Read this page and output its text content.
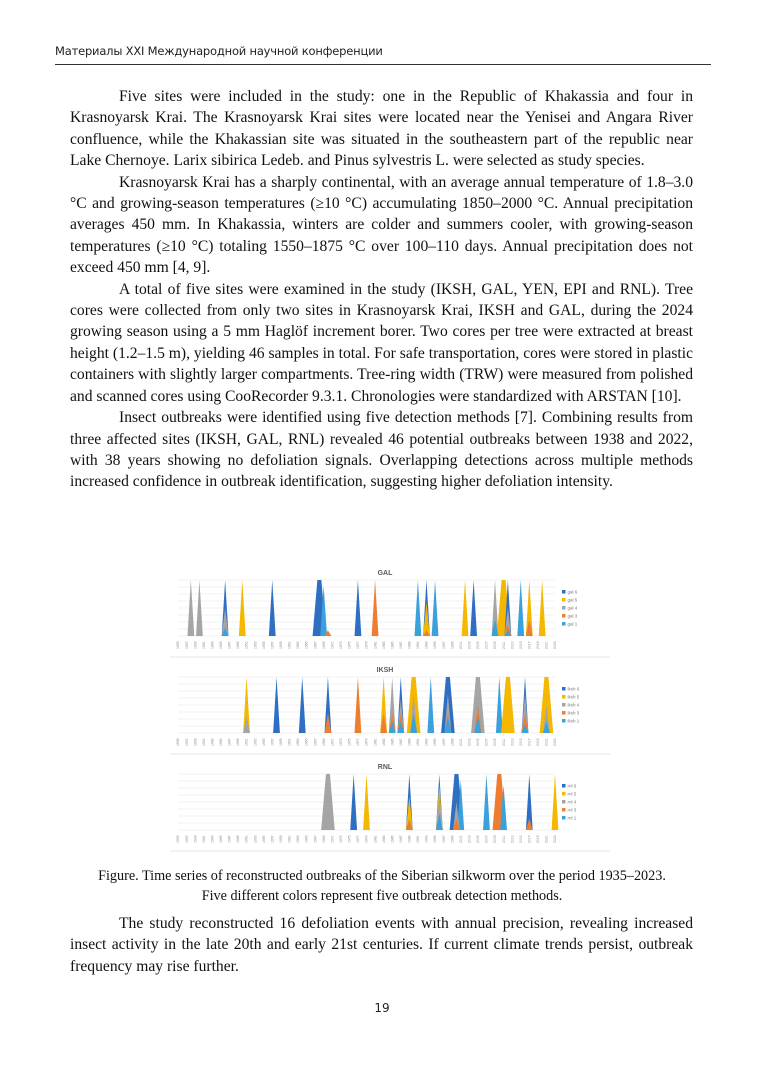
Материалы XXI Международной научной конференции

Five sites were included in the study: one in the Republic of Khakassia and four in Krasnoyarsk Krai. The Krasnoyarsk Krai sites were located near the Yenisei and Angara River confluence, while the Khakassian site was situated in the southeastern part of the republic near Lake Chernoye. Larix sibirica Ledeb. and Pinus sylvestris L. were selected as study species.

Krasnoyarsk Krai has a sharply continental, with an average annual temperature of 1.8–3.0 °C and growing-season temperatures (≥10 °C) accumulating 1850–2000 °C. Annual precipitation averages 450 mm. In Khakassia, winters are colder and summers cooler, with growing-season temperatures (≥10 °C) totaling 1550–1875 °C over 100–110 days. Annual precipitation does not exceed 450 mm [4, 9].

A total of five sites were examined in the study (IKSH, GAL, YEN, EPI and RNL). Tree cores were collected from only two sites in Krasnoyarsk Krai, IKSH and GAL, during the 2024 growing season using a 5 mm Haglöf increment borer. Two cores per tree were extracted at breast height (1.2–1.5 m), yielding 46 samples in total. For safe transportation, cores were stored in plastic containers with slightly larger compartments. Tree-ring width (TRW) were measured from polished and scanned cores using CooRecorder 9.3.1. Chronologies were standardized with ARSTAN [10].

Insect outbreaks were identified using five detection methods [7]. Combining results from three affected sites (IKSH, GAL, RNL) revealed 46 potential outbreaks between 1938 and 2022, with 38 years showing no defoliation signals. Overlapping detections across multiple methods increased confidence in outbreak identification, suggesting higher defoliation intensity.

GAL
1935 1937 1939 1941 1943 1945 1947 1949 1951 1953 1955 1957 1959 1961 1963 1965 1967 1969 1971 1973 1975 1977 1979 1981 1983 1985 1987 1989 1991 1993 1995 1997 1999 2001 2003 2005 2007 2009 2011 2013 2015 2017 2019 2021 2023
gal 6
gal 5
gal 4
gal 3
gal 1
IKSH
1935 1937 1939 1941 1943 1945 1947 1949 1951 1953 1955 1957 1959 1961 1963 1965 1967 1969 1971 1973 1975 1977 1979 1981 1983 1985 1987 1989 1991 1993 1995 1997 1999 2001 2003 2005 2007 2009 2011 2013 2015 2017 2019 2021 2023
iksh 6
iksh 5
iksh 4
iksh 3
iksh 1
RNL
1935 1937 1939 1941 1943 1945 1947 1949 1951 1953 1955 1957 1959 1961 1963 1965 1967 1969 1971 1973 1975 1977 1979 1981 1983 1985 1987 1989 1991 1993 1995 1997 1999 2001 2003 2005 2007 2009 2011 2013 2015 2017 2019 2021 2023
rnl 6
rnl 5
rnl 4
rnl 3
rnl 1
Figure. Time series of reconstructed outbreaks of the Siberian silkworm over the period 1935–2023.
Five different colors represent five outbreak detection methods.

The study reconstructed 16 defoliation events with annual precision, revealing increased insect activity in the late 20th and early 21st centuries. If current climate trends persist, outbreak frequency may rise further.

19
